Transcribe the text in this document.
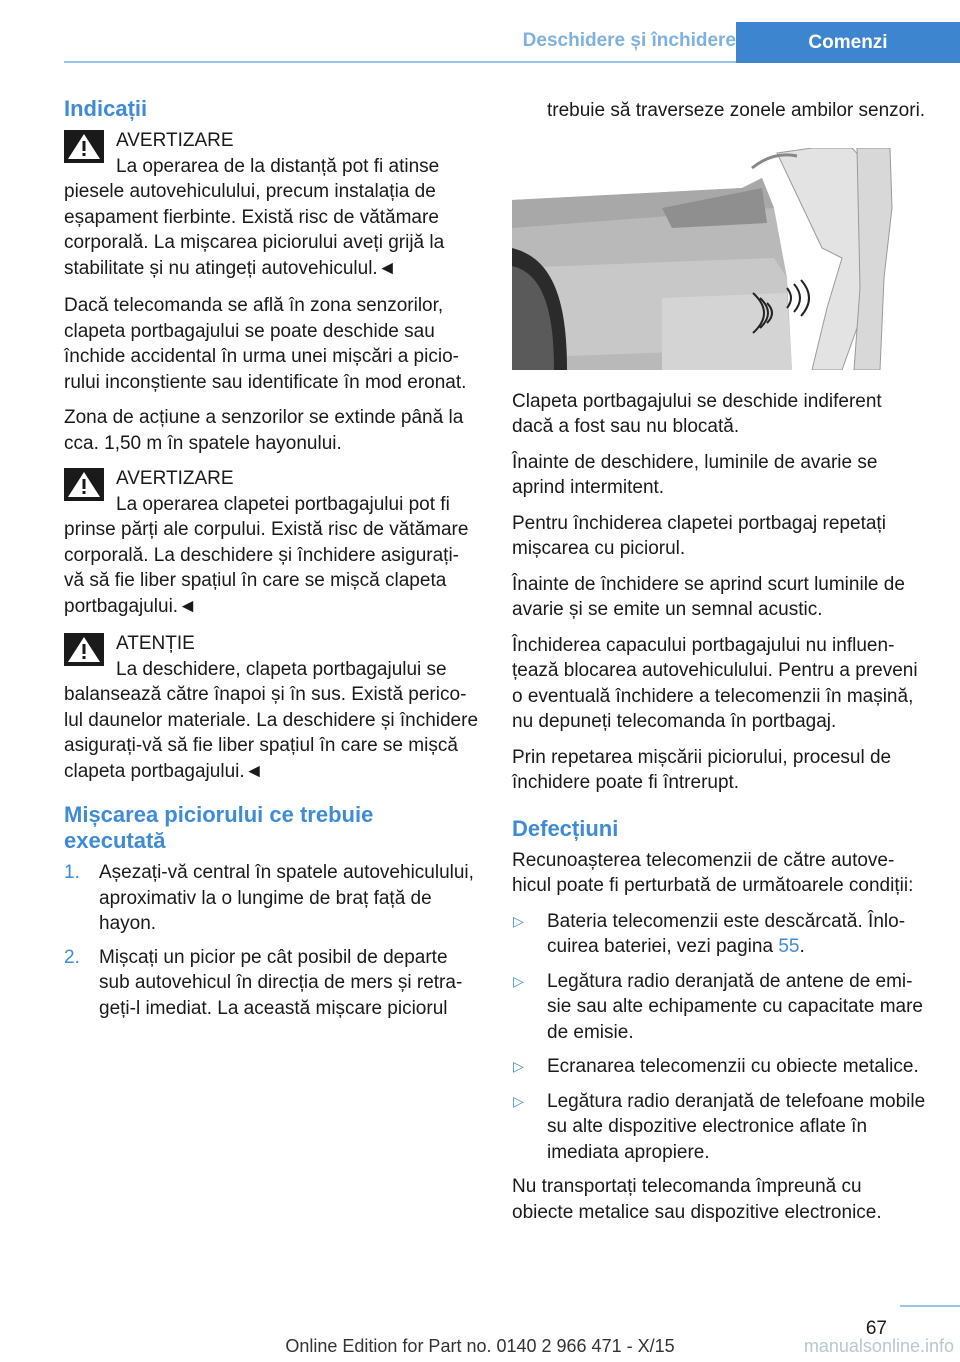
Deschidere și închidere	Comenzi
Indicații
AVERTIZARE
La operarea de la distanță pot fi atinse
piesele autovehiculului, precum instalația de eșapament fierbinte. Există risc de vătămare corporală. La mișcarea piciorului aveți grijă la stabilitate și nu atingeți autovehiculul.◄

Dacă telecomanda se află în zona senzorilor, clapeta portbagajului se poate deschide sau închide accidental în urma unei mișcări a piciorului inconștiente sau identificate în mod eronat.

Zona de acțiune a senzorilor se extinde până la cca. 1,50 m în spatele hayonului.

AVERTIZARE
La operarea clapetei portbagajului pot fi
prinse părți ale corpului. Există risc de vătămare corporală. La deschidere și închidere asigurați-vă să fie liber spațiul în care se mișcă clapeta portbagajului.◄
ATENȚIE
La deschidere, clapeta portbagajului se
balansează către înapoi și în sus. Există pericolul daunelor materiale. La deschidere și închidere asigurați-vă să fie liber spațiul în care se mișcă clapeta portbagajului.◄
Mișcarea piciorului ce trebuie executată
1. Așezați-vă central în spatele autovehiculului, aproximativ la o lungime de braț față de hayon.
2. Mișcați un picior pe cât posibil de departe sub autovehicul în direcția de mers și retrageți-l imediat. La această mișcare piciorul

trebuie să traverseze zonele ambilor senzori.

Clapeta portbagajului se deschide indiferent dacă a fost sau nu blocată.

Înainte de deschidere, luminile de avarie se aprind intermitent.

Pentru închiderea clapetei portbagaj repetați mișcarea cu piciorul.

Înainte de închidere se aprind scurt luminile de avarie și se emite un semnal acustic.

Închiderea capacului portbagajului nu influențează blocarea autovehiculului. Pentru a preveni o eventuală închidere a telecomenzii în mașină, nu depuneți telecomanda în portbagaj.

Prin repetarea mișcării piciorului, procesul de închidere poate fi întrerupt.

Defecțiuni

Recunoașterea telecomenzii de către autovehicul poate fi perturbată de următoarele condiții:

▷ Bateria telecomenzii este descărcată. Înlocuirea bateriei, vezi pagina 55.
▷ Legătura radio deranjată de antene de emisie sau alte echipamente cu capacitate mare de emisie.
▷ Ecranarea telecomenzii cu obiecte metalice.
▷ Legătura radio deranjată de telefoane mobile su alte dispozitive electronice aflate în imediata apropiere.

Nu transportați telecomanda împreună cu obiecte metalice sau dispozitive electronice.

67
Online Edition for Part no. 0140 2 966 471 - X/15	manualsonline.info
